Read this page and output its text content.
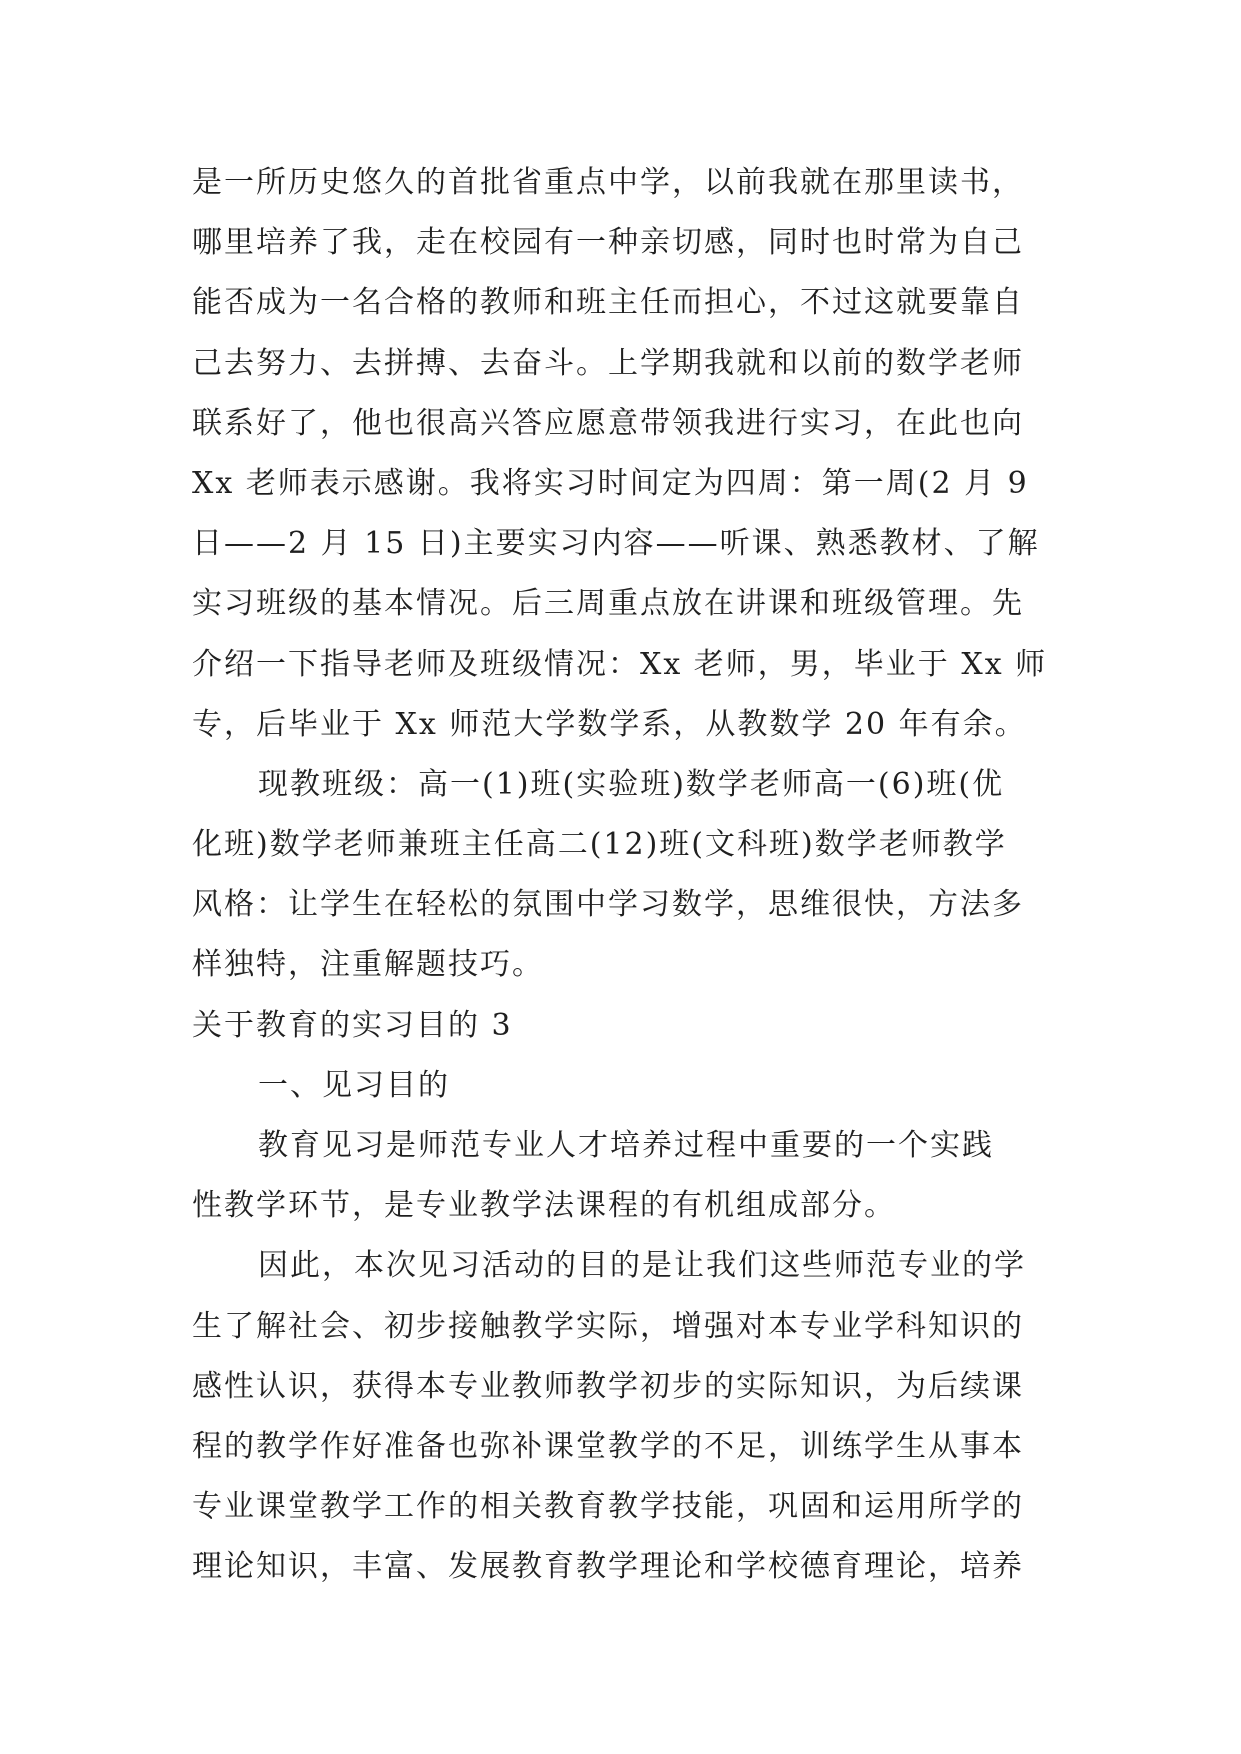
是一所历史悠久的首批省重点中学，以前我就在那里读书，
哪里培养了我，走在校园有一种亲切感，同时也时常为自己
能否成为一名合格的教师和班主任而担心，不过这就要靠自
己去努力、去拼搏、去奋斗。上学期我就和以前的数学老师
联系好了，他也很高兴答应愿意带领我进行实习，在此也向
Xx 老师表示感谢。我将实习时间定为四周：第一周(2 月 9
日——2 月 15 日)主要实习内容——听课、熟悉教材、了解
实习班级的基本情况。后三周重点放在讲课和班级管理。先
介绍一下指导老师及班级情况：Xx 老师，男，毕业于 Xx 师
专，后毕业于 Xx 师范大学数学系，从教数学 20 年有余。
现教班级：高一(1)班(实验班)数学老师高一(6)班(优
化班)数学老师兼班主任高二(12)班(文科班)数学老师教学
风格：让学生在轻松的氛围中学习数学，思维很快，方法多
样独特，注重解题技巧。
关于教育的实习目的 3
一、见习目的
教育见习是师范专业人才培养过程中重要的一个实践
性教学环节，是专业教学法课程的有机组成部分。
因此，本次见习活动的目的是让我们这些师范专业的学
生了解社会、初步接触教学实际，增强对本专业学科知识的
感性认识，获得本专业教师教学初步的实际知识，为后续课
程的教学作好准备也弥补课堂教学的不足，训练学生从事本
专业课堂教学工作的相关教育教学技能，巩固和运用所学的
理论知识，丰富、发展教育教学理论和学校德育理论，培养
